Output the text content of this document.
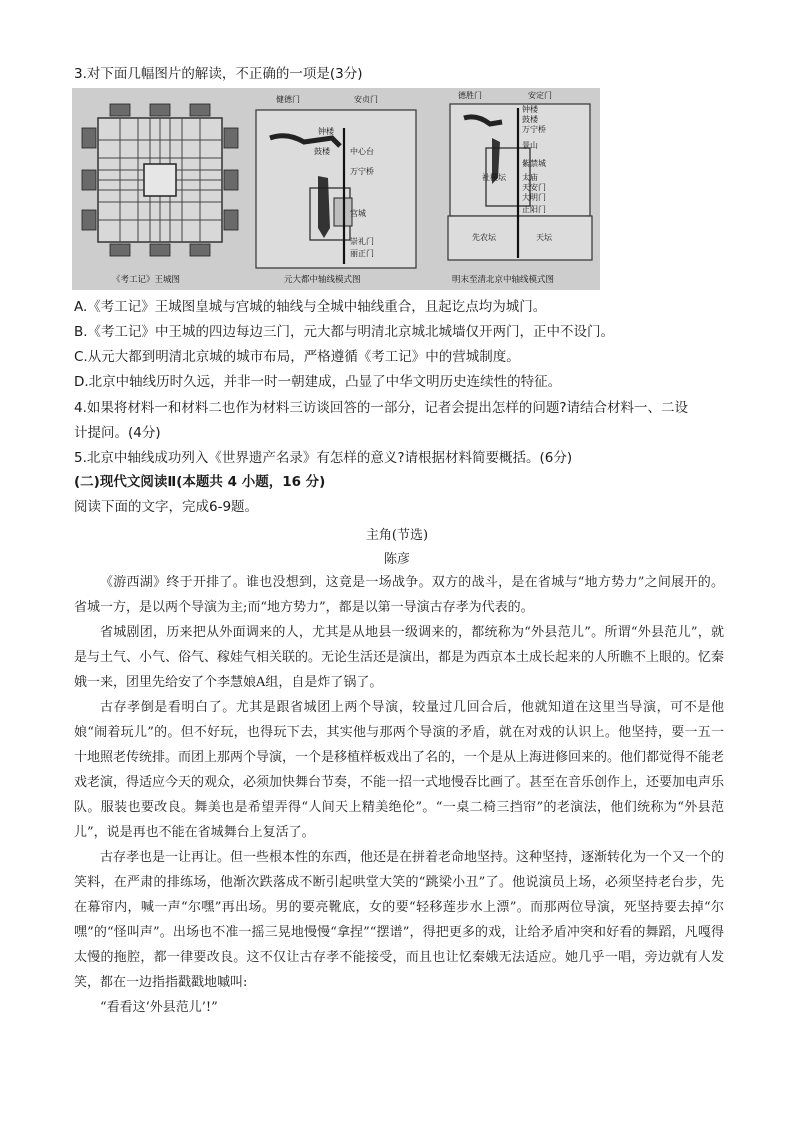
3.对下面几幅图片的解读，不正确的一项是(3分)
健德门	安贞门
钟楼
鼓楼	中心台
万宁桥
宫城
崇礼门
丽正门
德胜门	安定门
钟楼
鼓楼
万宁桥
景山
紫禁城
社稷坛 太庙
天安门
大明门
正阳门
先农坛	天坛
《考工记》王城图	元大都中轴线模式图	明末至清北京中轴线模式图
A.《考工记》王城图皇城与宫城的轴线与全城中轴线重合，且起讫点均为城门。
B.《考工记》中王城的四边每边三门，元大都与明清北京城北城墙仅开两门，正中不设门。
C.从元大都到明清北京城的城市布局，严格遵循《考工记》中的营城制度。
D.北京中轴线历时久远，并非一时一朝建成，凸显了中华文明历史连续性的特征。
4.如果将材料一和材料二也作为材料三访谈回答的一部分，记者会提出怎样的问题?请结合材料一、二设
计提问。(4分)
5.北京中轴线成功列入《世界遗产名录》有怎样的意义?请根据材料简要概括。(6分)
(二)现代文阅读Ⅱ(本题共 4 小题，16 分)
阅读下面的文字，完成6-9题。
主角(节选)
陈彦
《游西湖》终于开排了。谁也没想到，这竟是一场战争。双方的战斗，是在省城与“地方势力”之间展开的。省城一方，是以两个导演为主;而“地方势力”，都是以第一导演古存孝为代表的。
省城剧团，历来把从外面调来的人，尤其是从地县一级调来的，都统称为“外县范儿”。所谓“外县范儿”，就是与土气、小气、俗气、稼娃气相关联的。无论生活还是演出，都是为西京本土成长起来的人所瞧不上眼的。忆秦娥一来，团里先给安了个李慧娘A组，自是炸了锅了。
古存孝倒是看明白了。尤其是跟省城团上两个导演，较量过几回合后，他就知道在这里当导演，可不是他娘“闹着玩儿”的。但不好玩，也得玩下去，其实他与那两个导演的矛盾，就在对戏的认识上。他坚持，要一五一十地照老传统排。而团上那两个导演，一个是移植样板戏出了名的，一个是从上海进修回来的。他们都觉得不能老戏老演，得适应今天的观众，必须加快舞台节奏，不能一招一式地慢吞比画了。甚至在音乐创作上，还要加电声乐队。服装也要改良。舞美也是希望弄得“人间天上精美绝伦”。“一桌二椅三挡帘”的老演法，他们统称为“外县范儿”，说是再也不能在省城舞台上复活了。
古存孝也是一让再让。但一些根本性的东西，他还是在拼着老命地坚持。这种坚持，逐渐转化为一个又一个的笑料，在严肃的排练场，他渐次跌落成不断引起哄堂大笑的“跳梁小丑”了。他说演员上场，必须坚持老台步，先在幕帘内，喊一声“尔嘿”再出场。男的要亮靴底，女的要“轻移莲步水上漂”。而那两位导演，死坚持要去掉“尔嘿”的“怪叫声”。出场也不准一摇三晃地慢慢“拿捏”“摆谱”，得把更多的戏，让给矛盾冲突和好看的舞蹈，凡嘎得太慢的拖腔，都一律要改良。这不仅让古存孝不能接受，而且也让忆秦娥无法适应。她几乎一唱，旁边就有人发笑，都在一边指指戳戳地嘁叫:
“看看这‘外县范儿’!”
